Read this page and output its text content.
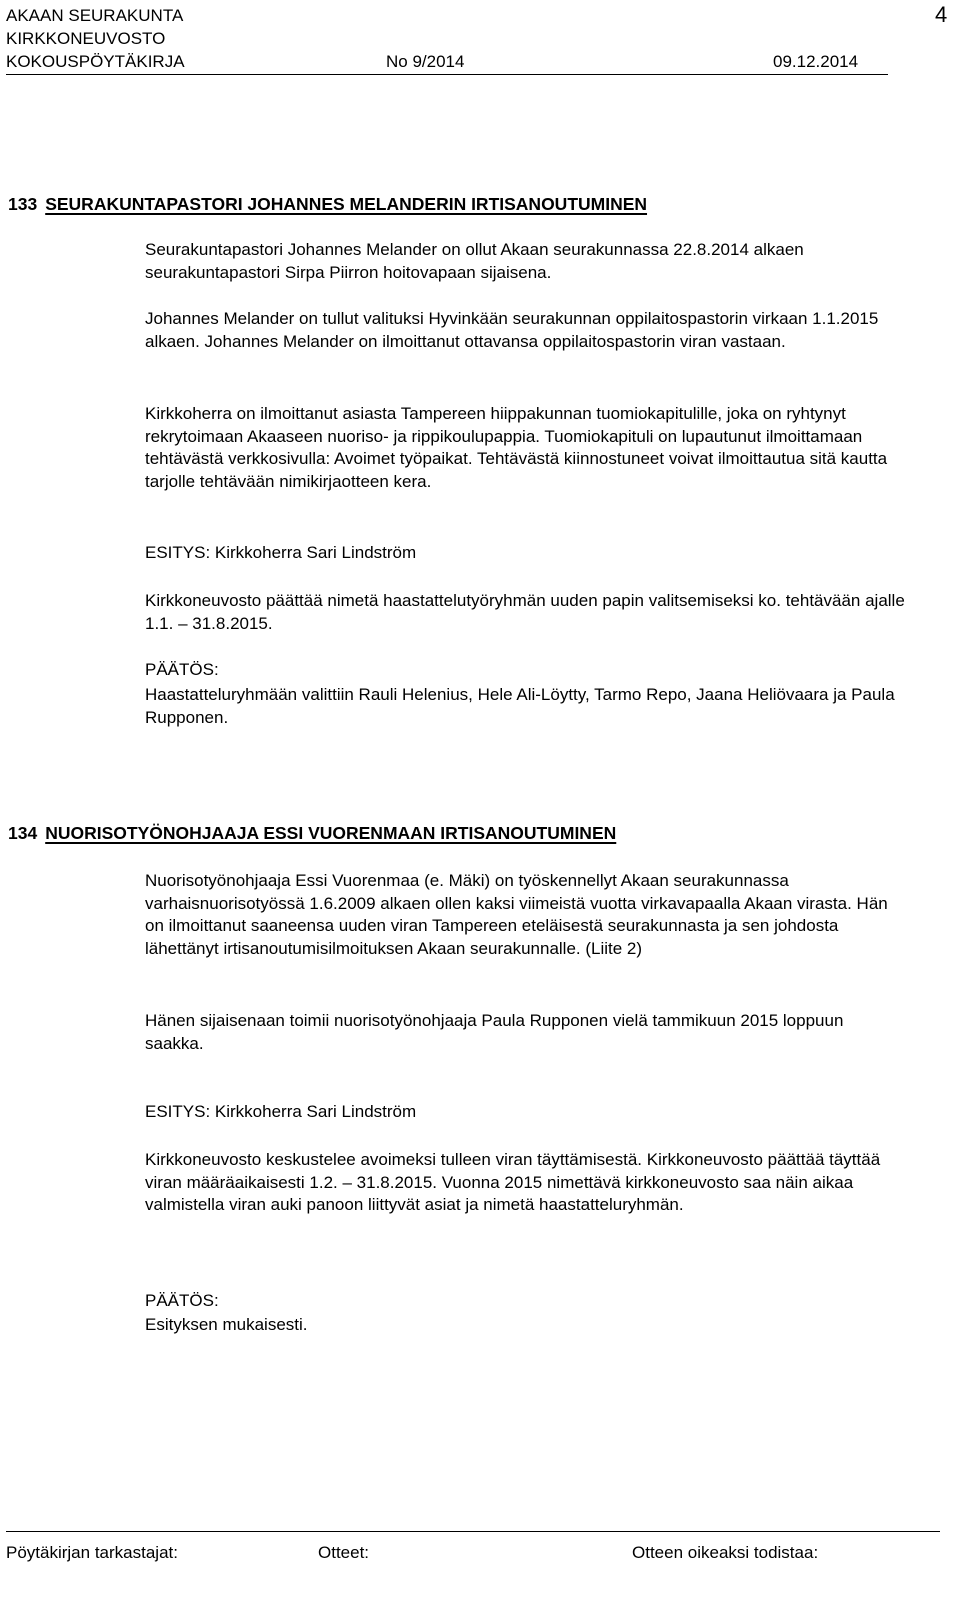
AKAAN SEURAKUNTA
KIRKKONEUVOSTO
KOKOUSPÖYTÄKIRJA	No 9/2014	09.12.2014
4
133 SEURAKUNTAPASTORI JOHANNES MELANDERIN IRTISANOUTUMINEN

Seurakuntapastori Johannes Melander on ollut Akaan seurakunnassa 22.8.2014 alkaen seurakuntapastori Sirpa Piirron hoitovapaan sijaisena.

Johannes Melander on tullut valituksi Hyvinkään seurakunnan oppilaitospastorin virkaan 1.1.2015 alkaen. Johannes Melander on ilmoittanut ottavansa oppilaitospastorin viran vastaan.

Kirkkoherra on ilmoittanut asiasta Tampereen hiippakunnan tuomiokapitulille, joka on ryhtynyt rekrytoimaan Akaaseen nuoriso- ja rippikoulupappia. Tuomiokapituli on lupautunut ilmoittamaan tehtävästä verkkosivulla: Avoimet työpaikat. Tehtävästä kiinnostuneet voivat ilmoittautua sitä kautta tarjolle tehtävään nimikirjaotteen kera.

ESITYS: Kirkkoherra Sari Lindström

Kirkkoneuvosto päättää nimetä haastattelutyöryhmän uuden papin valitsemiseksi ko. tehtävään ajalle 1.1. – 31.8.2015.

PÄÄTÖS:

Haastatteluryhmään valittiin Rauli Helenius, Hele Ali-Löytty, Tarmo Repo, Jaana Heliövaara ja Paula Rupponen.

134 NUORISOTYÖNOHJAAJA ESSI VUORENMAAN IRTISANOUTUMINEN

Nuorisotyönohjaaja Essi Vuorenmaa (e. Mäki) on työskennellyt Akaan seurakunnassa varhaisnuorisotyössä 1.6.2009 alkaen ollen kaksi viimeistä vuotta virkavapaalla Akaan virasta. Hän on ilmoittanut saaneensa uuden viran Tampereen eteläisestä seurakunnasta ja sen johdosta lähettänyt irtisanoutumisilmoituksen Akaan seurakunnalle. (Liite 2)

Hänen sijaisenaan toimii nuorisotyönohjaaja Paula Rupponen vielä tammikuun 2015 loppuun saakka.

ESITYS: Kirkkoherra Sari Lindström

Kirkkoneuvosto keskustelee avoimeksi tulleen viran täyttämisestä. Kirkkoneuvosto päättää täyttää viran määräaikaisesti 1.2. – 31.8.2015. Vuonna 2015 nimettävä kirkkoneuvosto saa näin aikaa valmistella viran auki panoon liittyvät asiat ja nimetä haastatteluryhmän.

PÄÄTÖS:

Esityksen mukaisesti.

Pöytäkirjan tarkastajat:	Otteet:	Otteen oikeaksi todistaa:
